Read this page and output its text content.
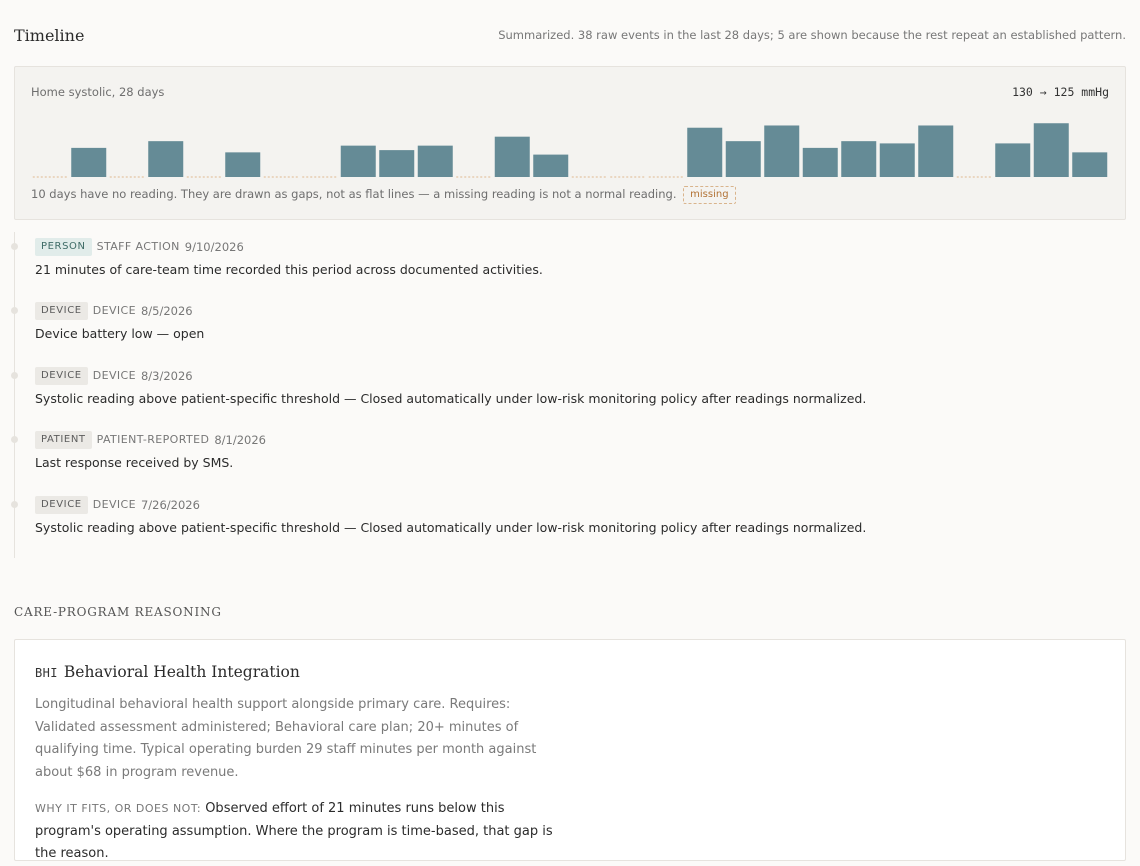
Timeline	Summarized. 38 raw events in the last 28 days; 5 are shown because the rest repeat an established pattern.
Home systolic, 28 days	130 → 125 mmHg
10 days have no reading. They are drawn as gaps, not as flat lines — a missing reading is not a normal reading. missing
PERSON STAFF ACTION 9/10/2026
21 minutes of care-team time recorded this period across documented activities.
DEVICE DEVICE 8/5/2026
Device battery low — open
DEVICE DEVICE 8/3/2026
Systolic reading above patient-specific threshold — Closed automatically under low-risk monitoring policy after readings normalized.
PATIENT PATIENT-REPORTED 8/1/2026
Last response received by SMS.
DEVICE DEVICE 7/26/2026
Systolic reading above patient-specific threshold — Closed automatically under low-risk monitoring policy after readings normalized.
CARE-PROGRAM REASONING
BHI Behavioral Health Integration
Longitudinal behavioral health support alongside primary care. Requires: Validated assessment administered; Behavioral care plan; 20+ minutes of qualifying time. Typical operating burden 29 staff minutes per month against about $68 in program revenue.
WHY IT FITS, OR DOES NOT: Observed effort of 21 minutes runs below this program's operating assumption. Where the program is time-based, that gap is the reason.
